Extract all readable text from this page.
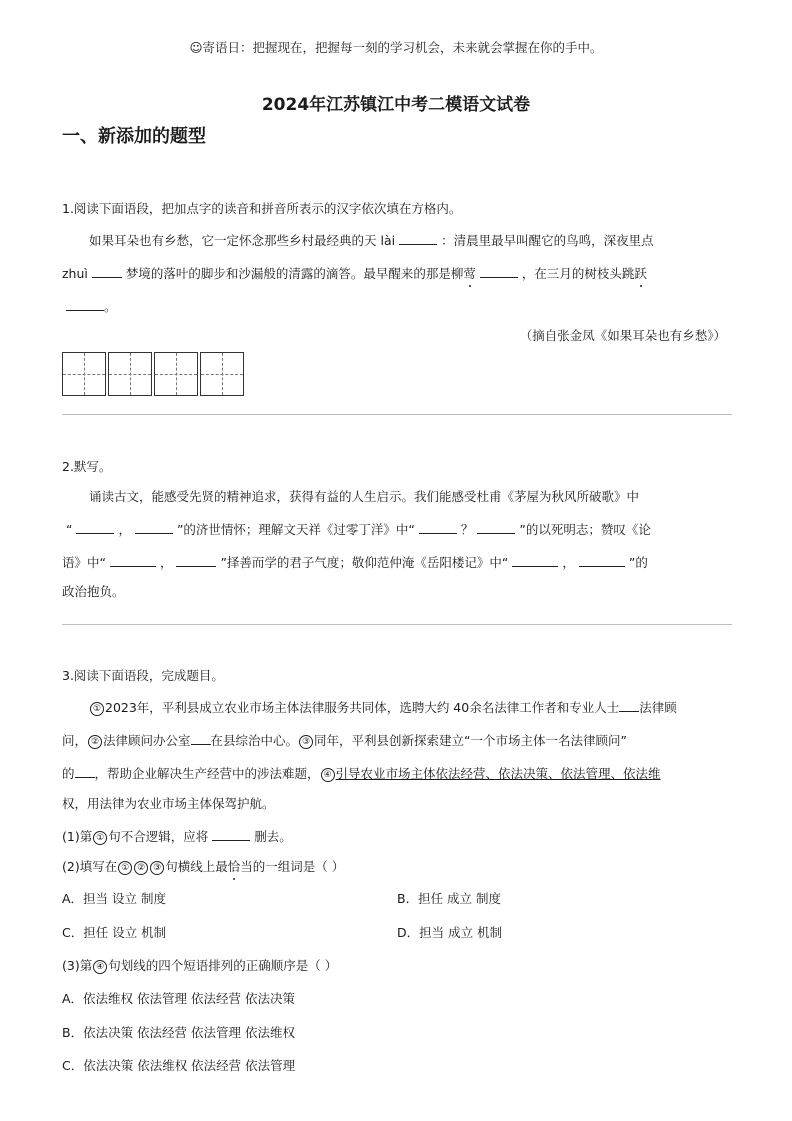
☺寄语日：把握现在，把握每一刻的学习机会，未来就会掌握在你的手中。
2024年江苏镇江中考二模语文试卷
一、新添加的题型
1.阅读下面语段，把加点字的读音和拼音所表示的汉字依次填在方格内。
如果耳朵也有乡愁，它一定怀念那些乡村最经典的天 lài	：清晨里最早叫醒它的鸟鸣，深夜里点
zhuì	梦境的落叶的脚步和沙漏般的清露的滴答。最早醒来的那是柳莺	，在三月的树枝头跳跃
。
（摘自张金凤《如果耳朵也有乡愁》）
2.默写。
诵读古文，能感受先贤的精神追求，获得有益的人生启示。我们能感受杜甫《茅屋为秋风所破歌》中
“	，	”的济世情怀；理解文天祥《过零丁洋》中“	？	”的以死明志；赞叹《论
语》中“	，	”择善而学的君子气度；敬仰范仲淹《岳阳楼记》中“	，	”的
政治抱负。
3.阅读下面语段，完成题目。
① 2023年，平利县成立农业市场主体法律服务共同体，选聘大约 40余名法律工作者和专业人士 法律顾
问， ② 法律顾问办公室 在县综治中心。 ③ 同年，平利县创新探索建立“一个市场主体一名法律顾问”
的 ，帮助企业解决生产经营中的涉法难题， ④ 引导农业市场主体依法经营、依法决策、依法管理、依法维
权，用法律为农业市场主体保驾护航。
(1)第 ① 句不合逻辑，应将	删去。
(2)填写在 ① ② ③ 句横线上最恰当的一组词是（ ）
A．担当 设立 制度	B．担任 成立 制度
C．担任 设立 机制	D．担当 成立 机制
(3)第 ④ 句划线的四个短语排列的正确顺序是（ ）
A．依法维权 依法管理 依法经营 依法决策
B．依法决策 依法经营 依法管理 依法维权
C．依法决策 依法维权 依法经营 依法管理
